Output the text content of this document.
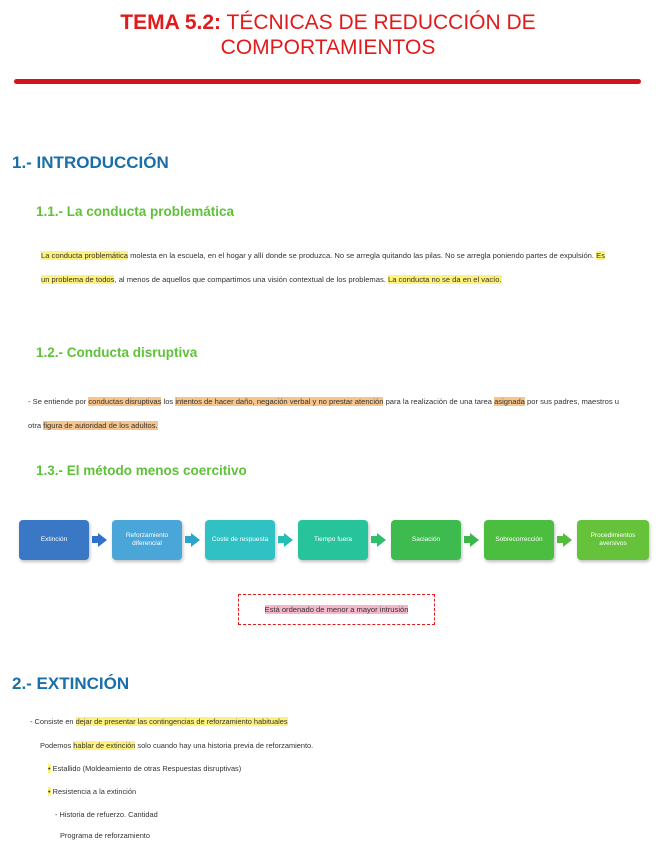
TEMA 5.2: TÉCNICAS DE REDUCCIÓN DE
COMPORTAMIENTOS
1.- INTRODUCCIÓN
1.1.- La conducta problemática
La conducta problemática molesta en la escuela, en el hogar y allí donde se produzca. No se arregla quitando las pilas. No se arregla poniendo partes de expulsión. Es un problema de todos, al menos de aquellos que compartimos una visión contextual de los problemas. La conducta no se da en el vacío.
1.2.- Conducta disruptiva
- Se entiende por conductas disruptivas los intentos de hacer daño, negación verbal y no prestar atención para la realización de una tarea asignada por sus padres, maestros u otra figura de autoridad de los adultos.
1.3.- El método menos coercitivo
Extinción
Reforzamiento diferencial
Coste de respuesta	Tiempo fuera	Saciación	Sobrecorrección
Procedimientos aversivos
Está ordenado de menor a mayor intrusión
2.- EXTINCIÓN
- Consiste en dejar de presentar las contingencias de reforzamiento habituales
Podemos hablar de extinción solo cuando hay una historia previa de reforzamiento.
• Estallido (Moldeamiento de otras Respuestas disruptivas)
• Resistencia a la extinción
- Historia de refuerzo. Cantidad
Programa de reforzamiento
